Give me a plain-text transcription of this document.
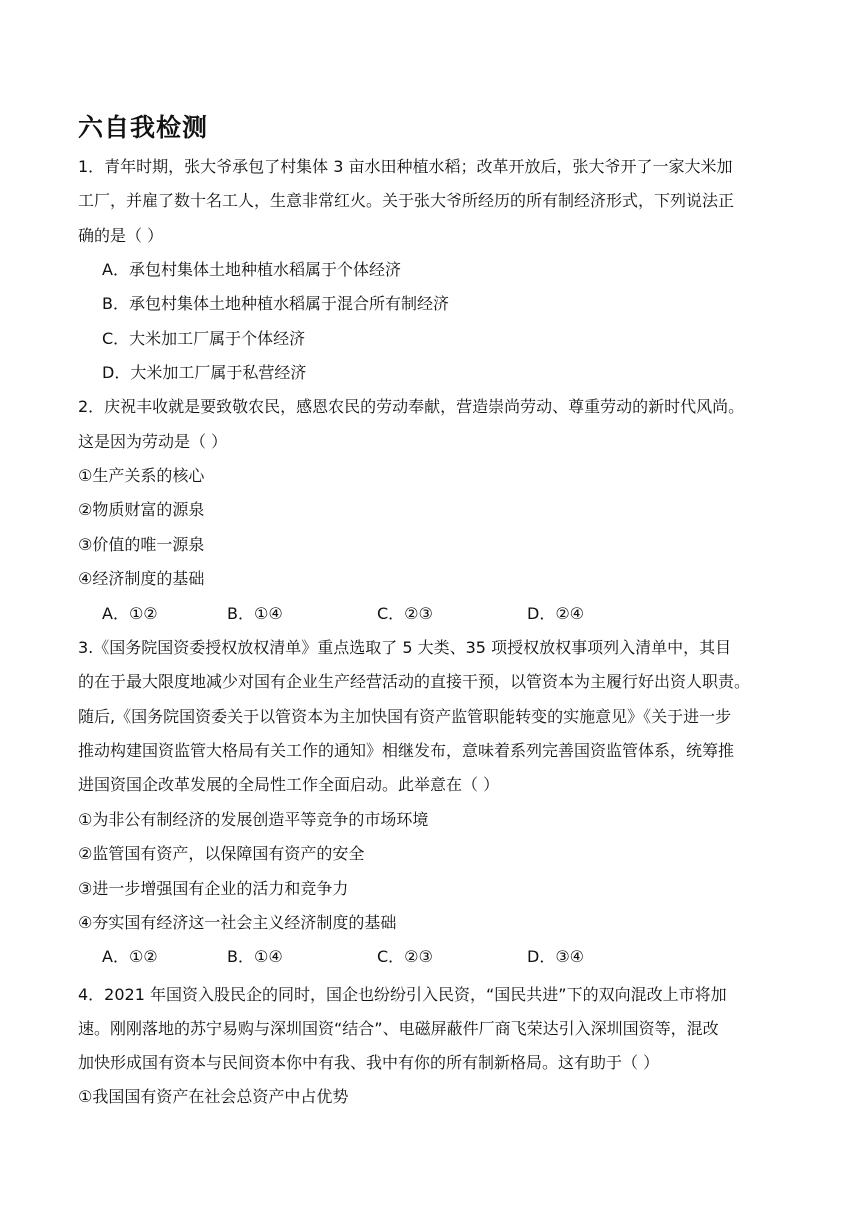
六自我检测
1．青年时期，张大爷承包了村集体 3 亩水田种植水稻；改革开放后，张大爷开了一家大米加
工厂，并雇了数十名工人，生意非常红火。关于张大爷所经历的所有制经济形式，下列说法正
确的是（ ）
A．承包村集体土地种植水稻属于个体经济
B．承包村集体土地种植水稻属于混合所有制经济
C．大米加工厂属于个体经济
D．大米加工厂属于私营经济
2．庆祝丰收就是要致敬农民，感恩农民的劳动奉献，营造崇尚劳动、尊重劳动的新时代风尚。
这是因为劳动是（ ）
①生产关系的核心
②物质财富的源泉
③价值的唯一源泉
④经济制度的基础
A．①②	B．①④	C．②③	D．②④
3.《国务院国资委授权放权清单》重点选取了 5 大类、35 项授权放权事项列入清单中，其目
的在于最大限度地减少对国有企业生产经营活动的直接干预，以管资本为主履行好出资人职责。
随后,《国务院国资委关于以管资本为主加快国有资产监管职能转变的实施意见》《关于进一步
推动构建国资监管大格局有关工作的通知》相继发布，意味着系列完善国资监管体系，统筹推
进国资国企改革发展的全局性工作全面启动。此举意在（ ）
①为非公有制经济的发展创造平等竞争的市场环境
②监管国有资产，以保障国有资产的安全
③进一步增强国有企业的活力和竞争力
④夯实国有经济这一社会主义经济制度的基础
A．①②	B．①④	C．②③	D．③④
4．2021 年国资入股民企的同时，国企也纷纷引入民资，“国民共进”下的双向混改上市将加
速。刚刚落地的苏宁易购与深圳国资“结合”、电磁屏蔽件厂商飞荣达引入深圳国资等，混改
加快形成国有资本与民间资本你中有我、我中有你的所有制新格局。这有助于（ ）
①我国国有资产在社会总资产中占优势
